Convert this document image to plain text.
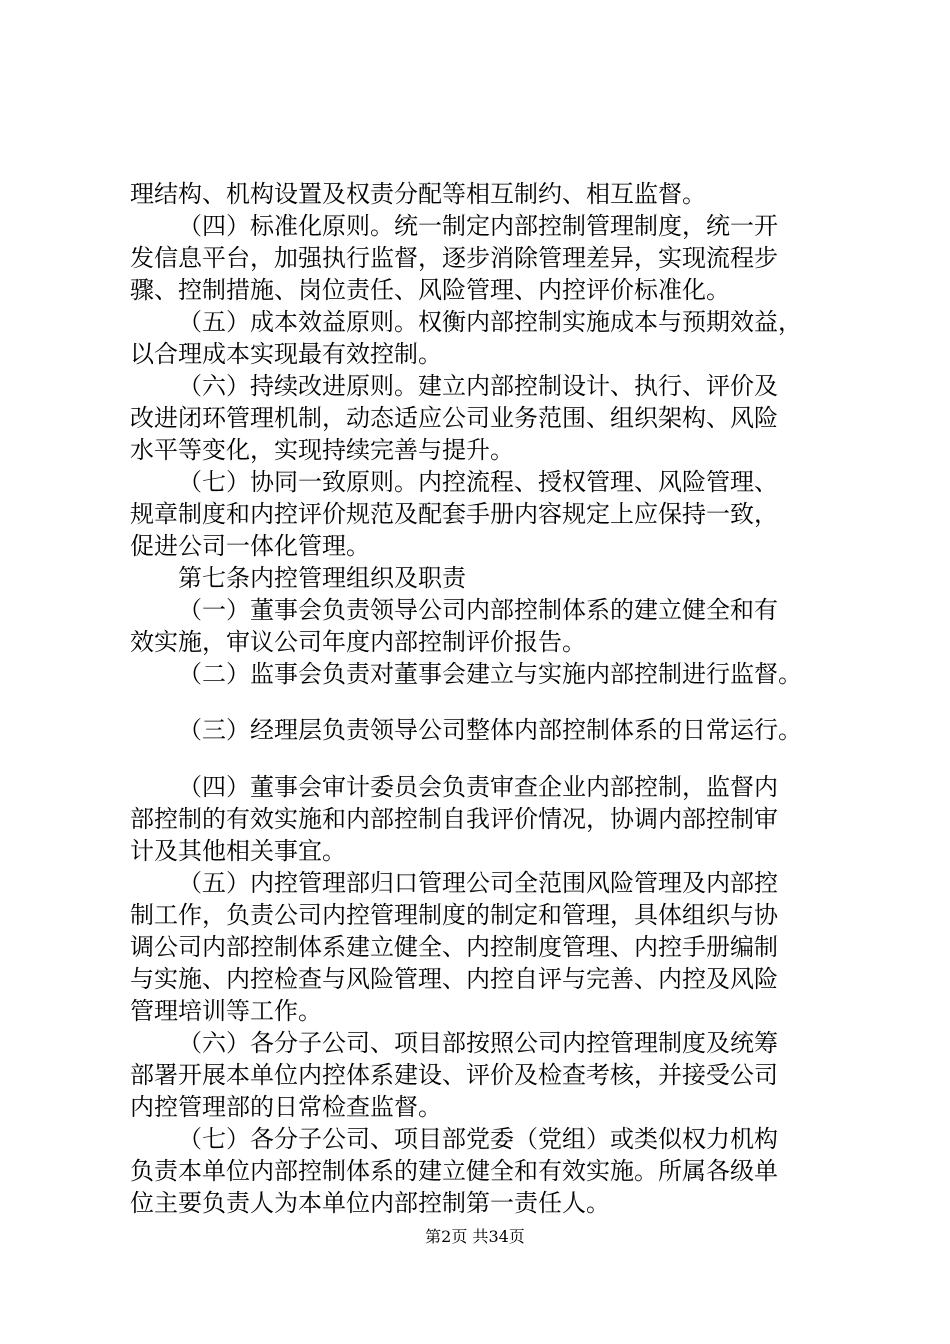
理结构、机构设置及权责分配等相互制约、相互监督。
（四）标准化原则。统一制定内部控制管理制度，统一开
发信息平台，加强执行监督，逐步消除管理差异，实现流程步
骤、控制措施、岗位责任、风险管理、内控评价标准化。
（五）成本效益原则。权衡内部控制实施成本与预期效益，
以合理成本实现最有效控制。
（六）持续改进原则。建立内部控制设计、执行、评价及
改进闭环管理机制，动态适应公司业务范围、组织架构、风险
水平等变化，实现持续完善与提升。
（七）协同一致原则。内控流程、授权管理、风险管理、
规章制度和内控评价规范及配套手册内容规定上应保持一致，
促进公司一体化管理。
第七条内控管理组织及职责
（一）董事会负责领导公司内部控制体系的建立健全和有
效实施，审议公司年度内部控制评价报告。
（二）监事会负责对董事会建立与实施内部控制进行监督。
（三）经理层负责领导公司整体内部控制体系的日常运行。
（四）董事会审计委员会负责审查企业内部控制，监督内
部控制的有效实施和内部控制自我评价情况，协调内部控制审
计及其他相关事宜。
（五）内控管理部归口管理公司全范围风险管理及内部控
制工作，负责公司内控管理制度的制定和管理，具体组织与协
调公司内部控制体系建立健全、内控制度管理、内控手册编制
与实施、内控检查与风险管理、内控自评与完善、内控及风险
管理培训等工作。
（六）各分子公司、项目部按照公司内控管理制度及统筹
部署开展本单位内控体系建设、评价及检查考核，并接受公司
内控管理部的日常检查监督。
（七）各分子公司、项目部党委（党组）或类似权力机构
负责本单位内部控制体系的建立健全和有效实施。所属各级单
位主要负责人为本单位内部控制第一责任人。
第2页 共34页
